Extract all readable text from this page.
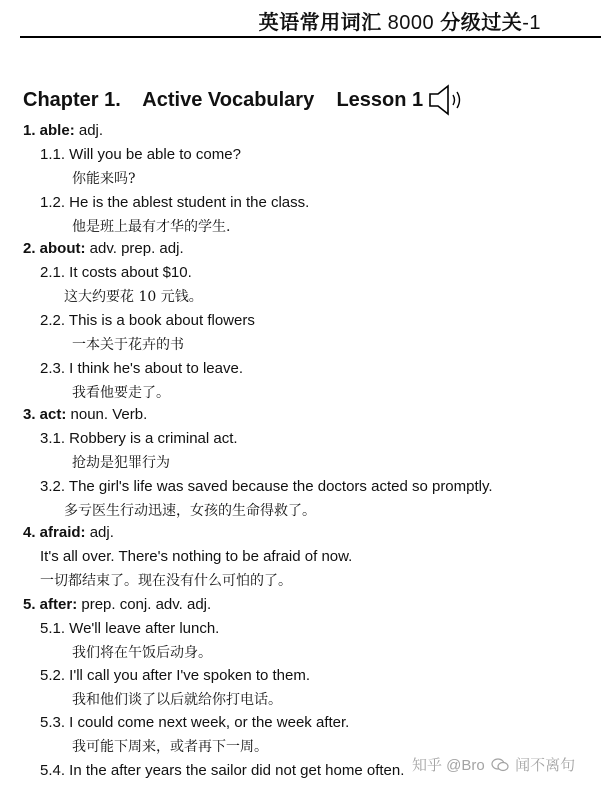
英语常用词汇 8000 分级过关-1
Chapter 1.    Active Vocabulary    Lesson 1
1. able: adj.
1.1. Will you be able to come?
你能来吗?
1.2. He is the ablest student in the class.
他是班上最有才华的学生.
2. about: adv. prep. adj.
2.1. It costs about $10.
这大约要花 10 元钱。
2.2. This is a book about flowers
一本关于花卉的书
2.3. I think he's about to leave.
我看他要走了。
3. act: noun. Verb.
3.1. Robbery is a criminal act.
抢劫是犯罪行为
3.2. The girl's life was saved because the doctors acted so promptly.
多亏医生行动迅速，女孩的生命得救了。
4. afraid: adj.
It's all over. There's nothing to be afraid of now.
一切都结束了。现在没有什么可怕的了。
5. after: prep. conj. adv. adj.
5.1. We'll leave after lunch.
我们将在午饭后动身。
5.2. I'll call you after I've spoken to them.
我和他们谈了以后就给你打电话。
5.3. I could come next week, or the week after.
我可能下周来，或者再下一周。
5.4. In the after years the sailor did not get home often. 知乎 @Bro 闻不离句
